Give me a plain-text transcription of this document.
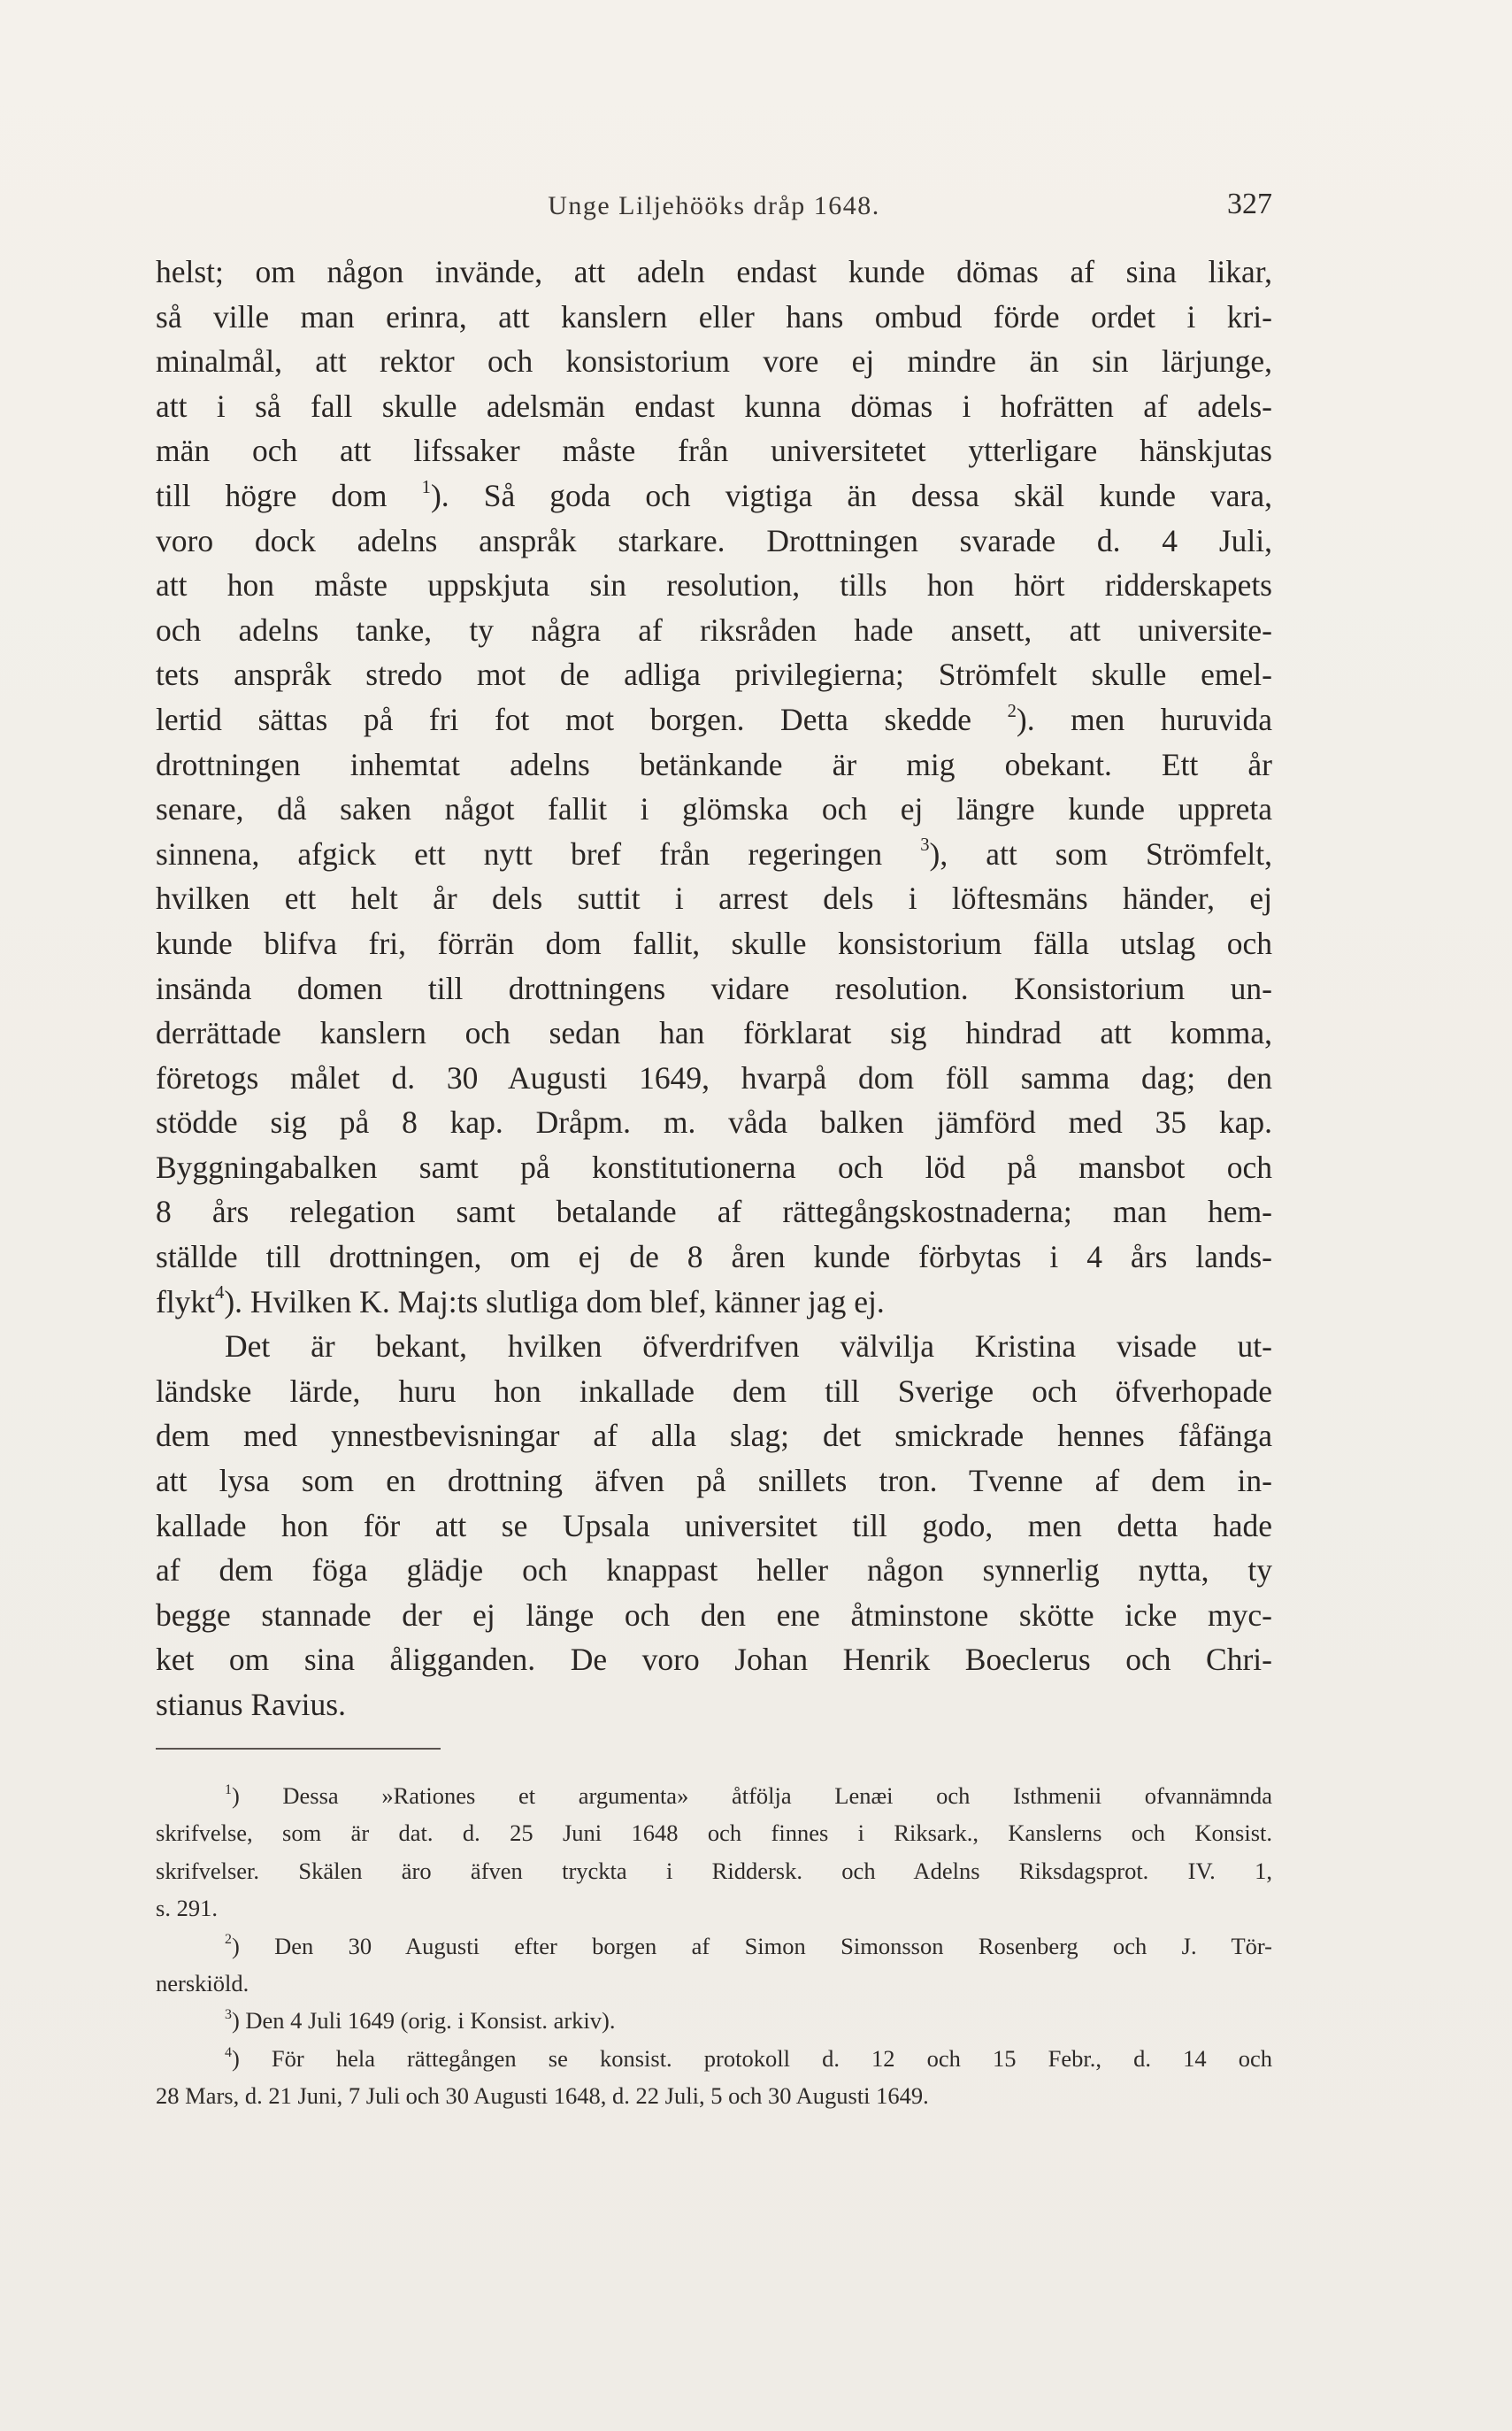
Unge Liljehööks dråp 1648.	327
helst; om någon invände, att adeln endast kunde dömas af sina likar,
så ville man erinra, att kanslern eller hans ombud förde ordet i kri-
minalmål, att rektor och konsistorium vore ej mindre än sin lärjunge,
att i så fall skulle adelsmän endast kunna dömas i hofrätten af adels-
män och att lifssaker måste från universitetet ytterligare hänskjutas
till högre dom $^1$). Så goda och vigtiga än dessa skäl kunde vara,
voro dock adelns anspråk starkare. Drottningen svarade d. 4 Juli,
att hon måste uppskjuta sin resolution, tills hon hört ridderskapets
och adelns tanke, ty några af riksråden hade ansett, att universite-
tets anspråk stredo mot de adliga privilegierna; Strömfelt skulle emel-
lertid sättas på fri fot mot borgen. Detta skedde $^2$). men huruvida
drottningen inhemtat adelns betänkande är mig obekant. Ett år
senare, då saken något fallit i glömska och ej längre kunde uppreta
sinnena, afgick ett nytt bref från regeringen $^3$), att som Strömfelt,
hvilken ett helt år dels suttit i arrest dels i löftesmäns händer, ej
kunde blifva fri, förrän dom fallit, skulle konsistorium fälla utslag och
insända domen till drottningens vidare resolution. Konsistorium un-
derrättade kanslern och sedan han förklarat sig hindrad att komma,
företogs målet d. 30 Augusti 1649, hvarpå dom föll samma dag; den
stödde sig på 8 kap. Dråpm. m. våda balken jämförd med 35 kap.
Byggningabalken samt på konstitutionerna och löd på mansbot och
8 års relegation samt betalande af rättegångskostnaderna; man hem-
ställde till drottningen, om ej de 8 åren kunde förbytas i 4 års lands-
flykt$^4$). Hvilken K. Maj:ts slutliga dom blef, känner jag ej.
Det är bekant, hvilken öfverdrifven välvilja Kristina visade ut-
ländske lärde, huru hon inkallade dem till Sverige och öfverhopade
dem med ynnestbevisningar af alla slag; det smickrade hennes fåfänga
att lysa som en drottning äfven på snillets tron. Tvenne af dem in-
kallade hon för att se Upsala universitet till godo, men detta hade
af dem föga glädje och knappast heller någon synnerlig nytta, ty
begge stannade der ej länge och den ene åtminstone skötte icke myc-
ket om sina åligganden. De voro Johan Henrik Boeclerus och Chri-
stianus Ravius.
$^1$) Dessa »Rationes et argumenta» åtfölja Lenæi och Isthmenii ofvannämnda
skrifvelse, som är dat. d. 25 Juni 1648 och finnes i Riksark., Kanslerns och Konsist.
skrifvelser. Skälen äro äfven tryckta i Riddersk. och Adelns Riksdagsprot. IV. 1,
s. 291.
$^2$) Den 30 Augusti efter borgen af Simon Simonsson Rosenberg och J. Tör-
nerskiöld.
$^3$) Den 4 Juli 1649 (orig. i Konsist. arkiv).
$^4$) För hela rättegången se konsist. protokoll d. 12 och 15 Febr., d. 14 och
28 Mars, d. 21 Juni, 7 Juli och 30 Augusti 1648, d. 22 Juli, 5 och 30 Augusti 1649.
